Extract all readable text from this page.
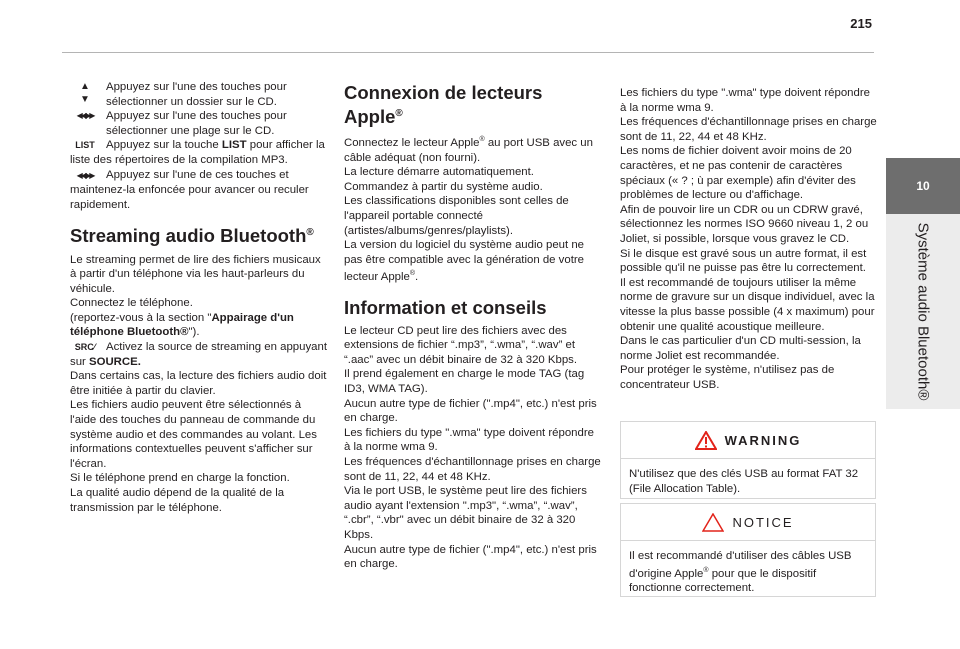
215
10
Système audio Bluetooth®
▲
▼
Appuyez sur l'une des touches pour sélectionner un dossier sur le CD.
◀◀ ▶▶	Appuyez sur l'une des touches pour sélectionner une plage sur le CD.

LIST Appuyez sur la touche LIST pour afficher la liste des répertoires de la compilation MP3.

◀◀ ▶▶ Appuyez sur l'une de ces touches et maintenez-la enfoncée pour avancer ou reculer rapidement.

Streaming audio Bluetooth®

Le streaming permet de lire des fichiers musicaux à partir d'un téléphone via les haut-parleurs du véhicule.

Connectez le téléphone.

(reportez-vous à la section "Appairage d'un téléphone Bluetooth®").

SRC⁄ Activez la source de streaming en appuyant sur SOURCE.

Dans certains cas, la lecture des fichiers audio doit être initiée à partir du clavier.

Les fichiers audio peuvent être sélectionnés à l'aide des touches du panneau de commande du système audio et des commandes au volant. Les informations contextuelles peuvent s'afficher sur l'écran.

Si le téléphone prend en charge la fonction.

La qualité audio dépend de la qualité de la transmission par le téléphone.

Connexion de lecteurs Apple®

Connectez le lecteur Apple® au port USB avec un câble adéquat (non fourni).

La lecture démarre automatiquement.

Commandez à partir du système audio.

Les classifications disponibles sont celles de l'appareil portable connecté (artistes/albums/genres/playlists).

La version du logiciel du système audio peut ne pas être compatible avec la génération de votre lecteur Apple®.

Information et conseils

Le lecteur CD peut lire des fichiers avec des extensions de fichier “.mp3”, “.wma”, “.wav” et “.aac” avec un débit binaire de 32 à 320 Kbps.

Il prend également en charge le mode TAG (tag ID3, WMA TAG).

Aucun autre type de fichier (".mp4", etc.) n'est pris en charge.

Les fichiers du type ".wma" type doivent répondre à la norme wma 9.

Les fréquences d'échantillonnage prises en charge sont de 11, 22, 44 et 48 KHz.

Via le port USB, le système peut lire des fichiers audio ayant l'extension ".mp3", “.wma”, “.wav”, “.cbr”, “.vbr" avec un débit binaire de 32 à 320 Kbps.

Aucun autre type de fichier (".mp4", etc.) n'est pris en charge.

Les fichiers du type ".wma" type doivent répondre à la norme wma 9.

Les fréquences d'échantillonnage prises en charge sont de 11, 22, 44 et 48 KHz.

Les noms de fichier doivent avoir moins de 20 caractères, et ne pas contenir de caractères spéciaux (« ? ; ù par exemple) afin d'éviter des problèmes de lecture ou d'affichage.

Afin de pouvoir lire un CDR ou un CDRW gravé, sélectionnez les normes ISO 9660 niveau 1, 2 ou Joliet, si possible, lorsque vous gravez le CD.

Si le disque est gravé sous un autre format, il est possible qu'il ne puisse pas être lu correctement.

Il est recommandé de toujours utiliser la même norme de gravure sur un disque individuel, avec la vitesse la plus basse possible (4 x maximum) pour obtenir une qualité acoustique meilleure.

Dans le cas particulier d'un CD multi-session, la norme Joliet est recommandée.

Pour protéger le système, n'utilisez pas de concentrateur USB.

WARNING
N'utilisez que des clés USB au format FAT 32 (File Allocation Table).
NOTICE
Il est recommandé d'utiliser des câbles USB d'origine Apple® pour que le dispositif fonctionne correctement.
